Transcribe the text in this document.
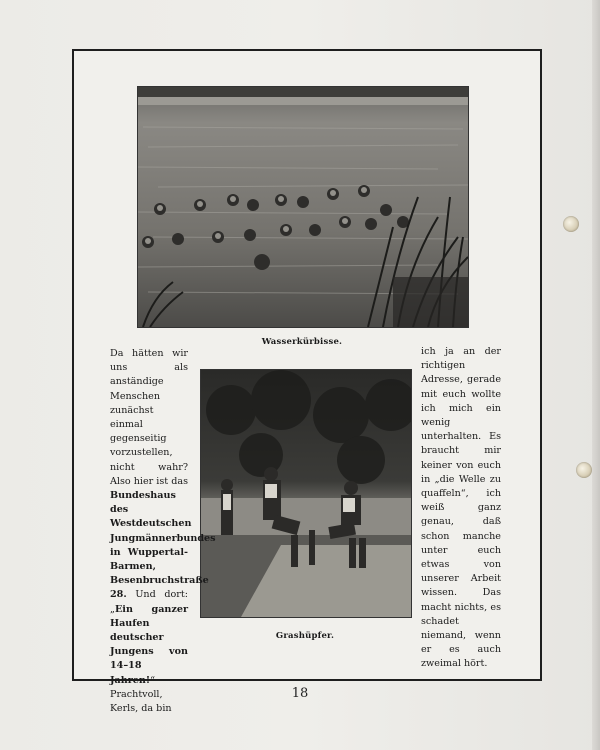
Wasserkürbisse.
Grashüpfer.
Da hätten wir uns als anständige Menschen zunächst einmal gegenseitig vorzustellen, nicht wahr? Also hier ist das Bundeshaus des Westdeutschen Jungmännerbundes in Wuppertal-Barmen, Besenbruchstraße 28. Und dort: „Ein ganzer Haufen deutscher Jungens von 14–18 Jahren!“ Prachtvoll, Kerls, da bin
ich ja an der richtigen Adresse, gerade mit euch wollte ich mich ein wenig unterhalten. Es braucht mir keiner von euch in „die Welle zu quaffeln“, ich weiß ganz genau, daß schon manche unter euch etwas von unserer Arbeit wissen. Das macht nichts, es schadet niemand, wenn er es auch zweimal hört.
18
